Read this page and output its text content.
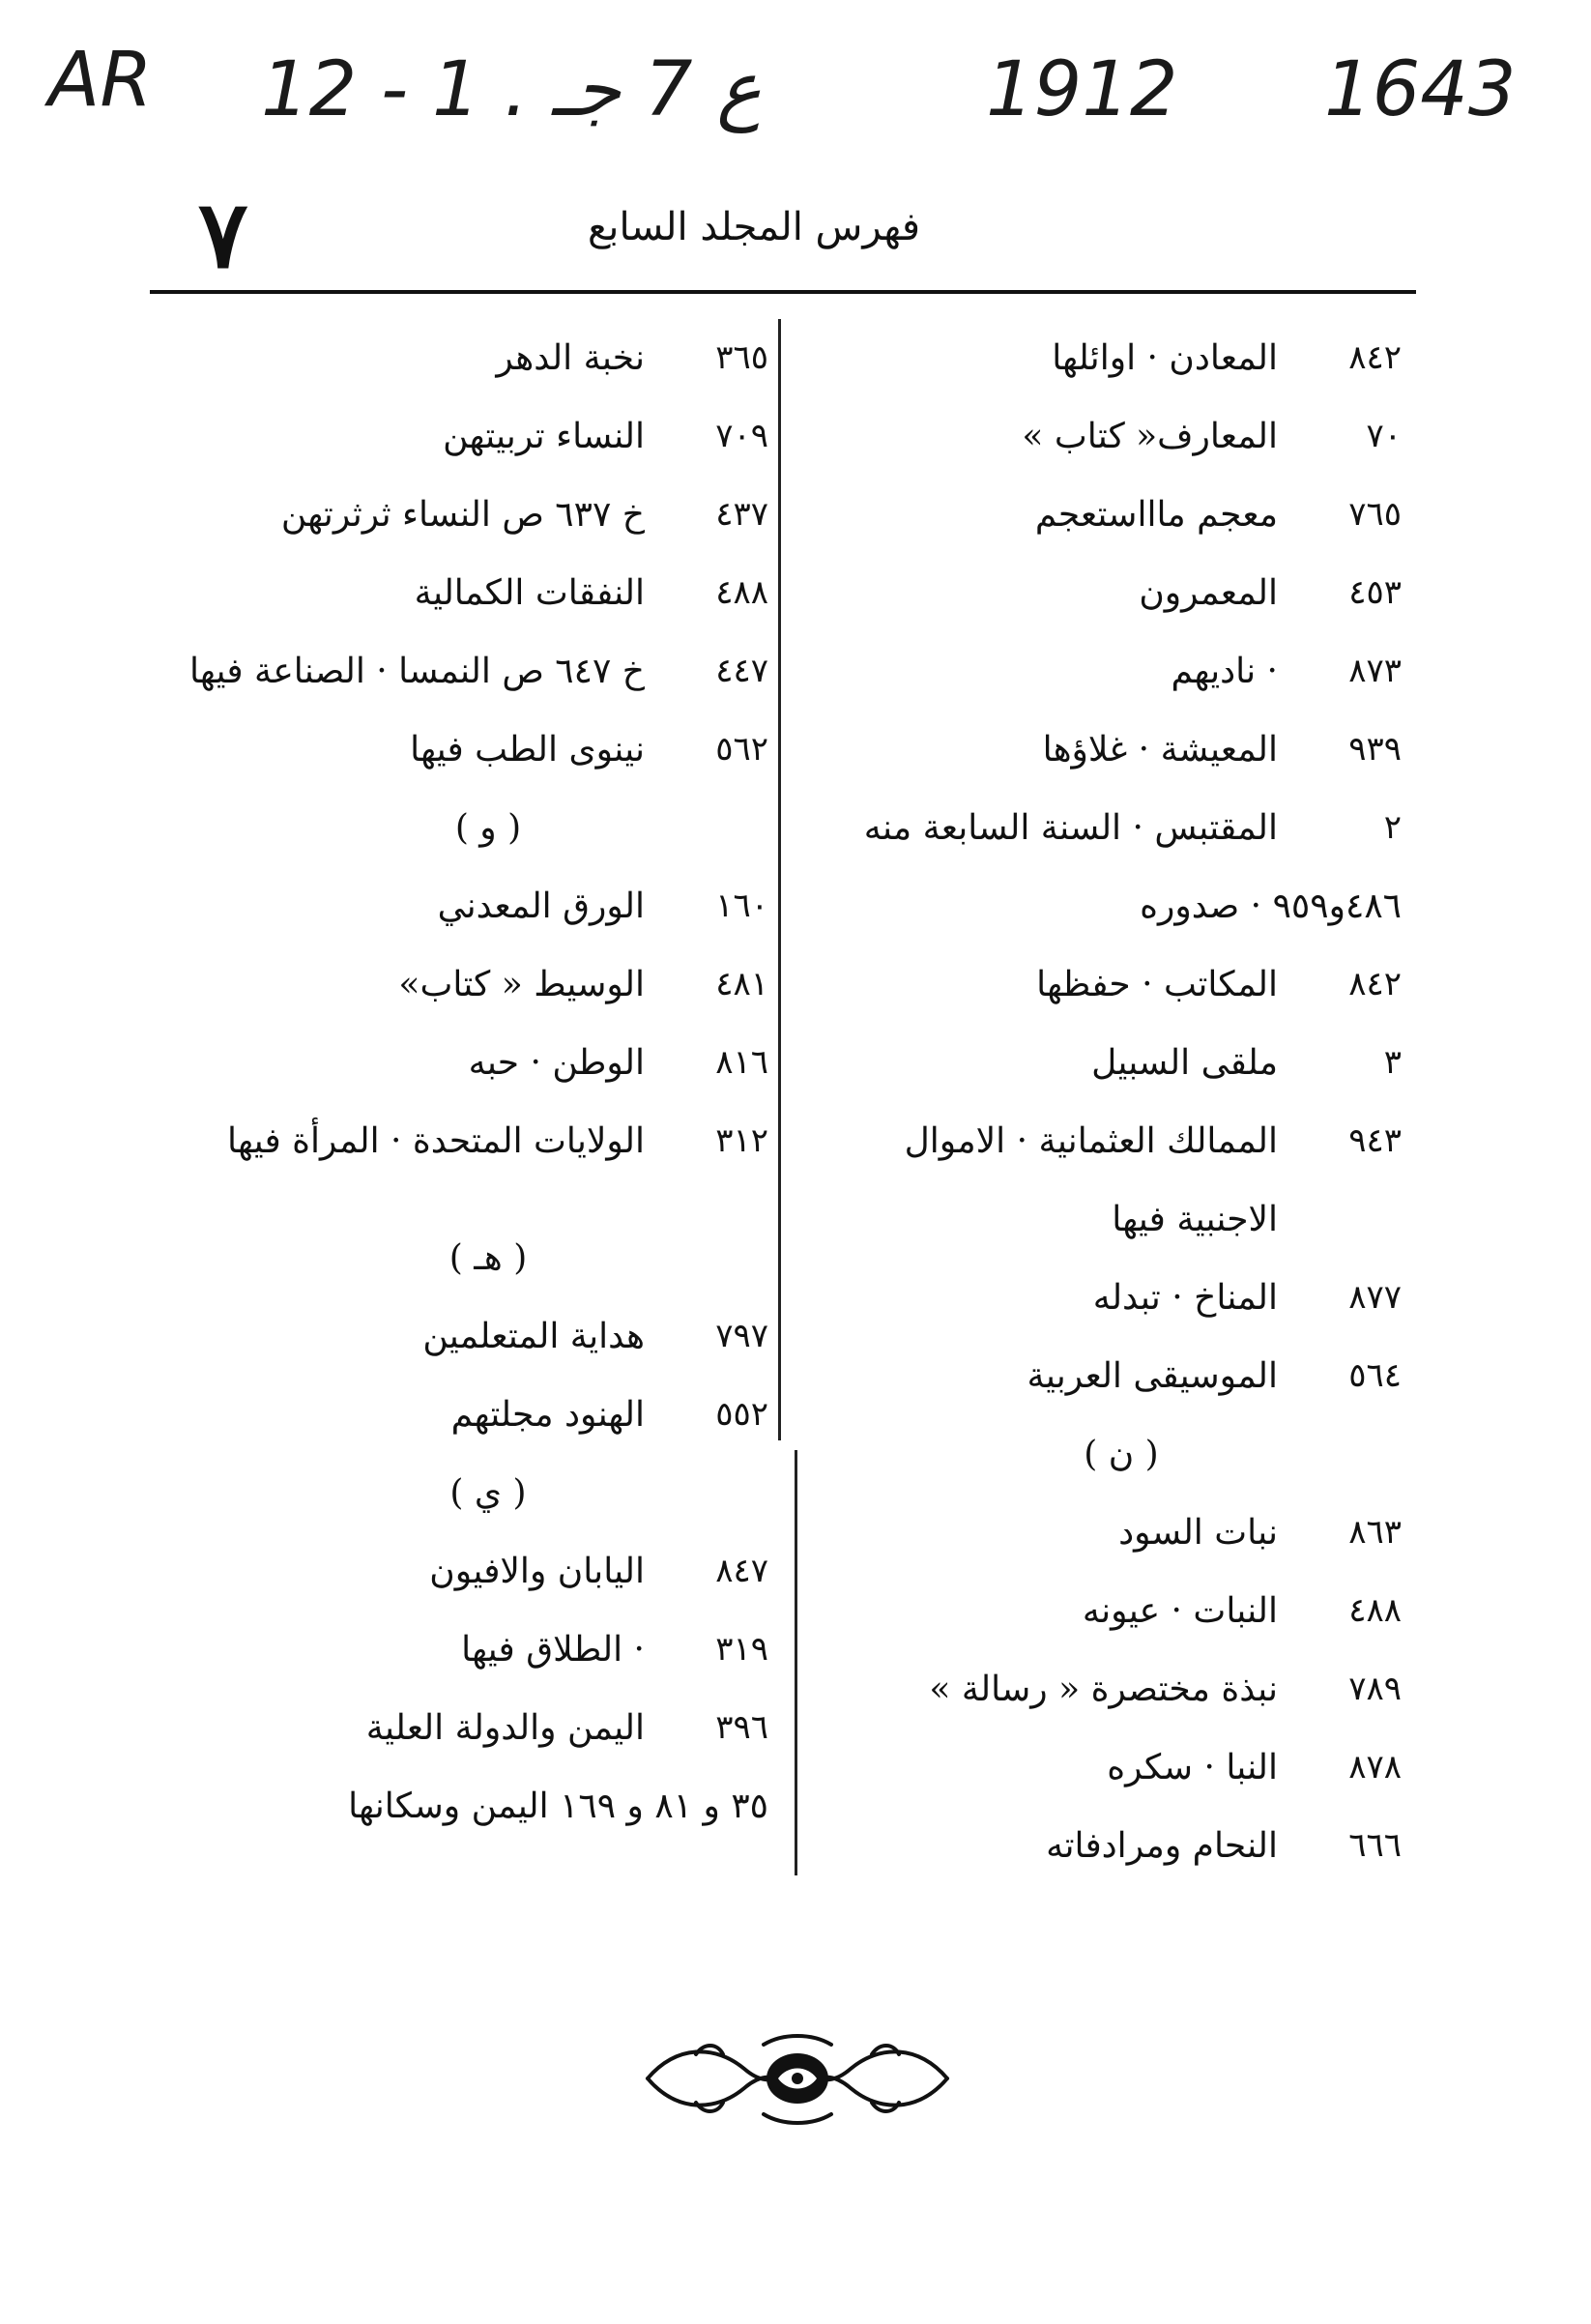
AR 12 - 1 . ع 7 جـ	1912 1643
٧	فهرس المجلد السابع
٨٤٢
المعادن · اوائلها
٧٠
المعارف« كتاب »
٧٦٥
معجم ماااستعجم
٤٥٣
المعمرون
٨٧٣
· ناديهم
٩٣٩
المعيشة · غلاؤها
٢
المقتبس · السنة السابعة منه
٤٨٦و٩٥٩ · صدوره
٨٤٢
المكاتب · حفظها
٣
ملقى السبيل
٩٤٣
الممالك العثمانية · الاموال
الاجنبية فيها
٨٧٧
المناخ · تبدله
٥٦٤
الموسيقى العربية
( ن )
٨٦٣
نبات السود
٤٨٨
النبات · عيونه
٧٨٩
نبذة مختصرة « رسالة »
٨٧٨
النبا · سكره
٦٦٦
النحام ومرادفاته
٣٦٥
نخبة الدهر
٧٠٩
النساء تربيتهن
٤٣٧
خ ٦٣٧ ص النساء ثرثرتهن
٤٨٨
النفقات الكمالية
٤٤٧
خ ٦٤٧ ص النمسا · الصناعة فيها
٥٦٢
نينوى الطب فيها
( و )
١٦٠
الورق المعدني
٤٨١
الوسيط « كتاب»
٨١٦
الوطن · حبه
٣١٢
الولايات المتحدة · المرأة فيها
( هـ )
٧٩٧
هداية المتعلمين
٥٥٢
الهنود مجلتهم
( ي )
٨٤٧
اليابان والافيون
٣١٩
· الطلاق فيها
٣٩٦
اليمن والدولة العلية
٣٥ و ٨١ و ١٦٩ اليمن وسكانها
